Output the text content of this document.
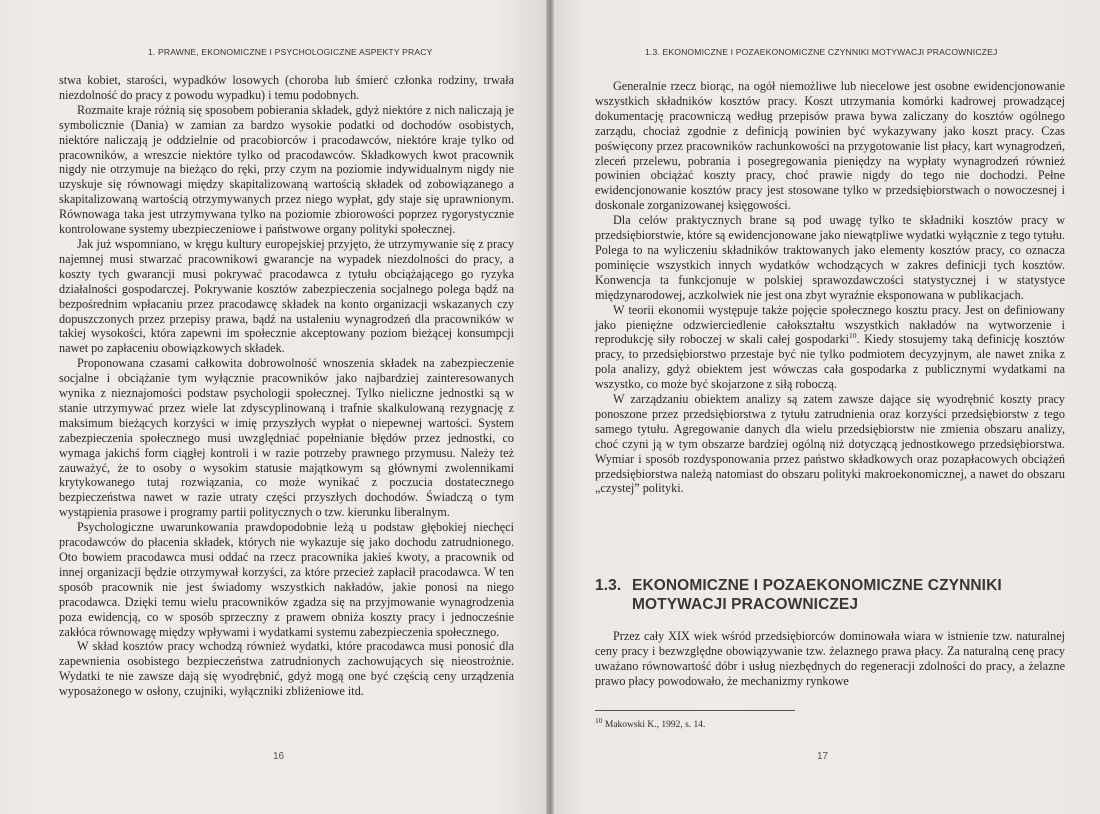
1. PRAWNE, EKONOMICZNE I PSYCHOLOGICZNE ASPEKTY PRACY

stwa kobiet, starości, wypadków losowych (choroba lub śmierć członka rodziny, trwała niezdolność do pracy z powodu wypadku) i temu podobnych.

Rozmaite kraje różnią się sposobem pobierania składek, gdyż niektóre z nich naliczają je symbolicznie (Dania) w zamian za bardzo wysokie podatki od dochodów osobistych, niektóre naliczają je oddzielnie od pracobiorców i pracodawców, niektóre kraje tylko od pracowników, a wreszcie niektóre tylko od pracodawców. Składkowych kwot pracownik nigdy nie otrzymuje na bieżąco do ręki, przy czym na poziomie indywidualnym nigdy nie uzyskuje się równowagi między skapitalizowaną wartością składek od zobowiązanego a skapitalizowaną wartością otrzymywanych przez niego wypłat, gdy staje się uprawnionym. Równowaga taka jest utrzymywana tylko na poziomie zbiorowości poprzez rygorystycznie kontrolowane systemy ubezpieczeniowe i państwowe organy polityki społecznej.

Jak już wspomniano, w kręgu kultury europejskiej przyjęto, że utrzymywanie się z pracy najemnej musi stwarzać pracownikowi gwarancje na wypadek niezdolności do pracy, a koszty tych gwarancji musi pokrywać pracodawca z tytułu obciążającego go ryzyka działalności gospodarczej. Pokrywanie kosztów zabezpieczenia socjalnego polega bądź na bezpośrednim wpłacaniu przez pracodawcę składek na konto organizacji wskazanych czy dopuszczonych przez przepisy prawa, bądź na ustaleniu wynagrodzeń dla pracowników w takiej wysokości, która zapewni im społecznie akceptowany poziom bieżącej konsumpcji nawet po zapłaceniu obowiązkowych składek.

Proponowana czasami całkowita dobrowolność wnoszenia składek na zabezpieczenie socjalne i obciążanie tym wyłącznie pracowników jako najbardziej zainteresowanych wynika z nieznajomości podstaw psychologii społecznej. Tylko nieliczne jednostki są w stanie utrzymywać przez wiele lat zdyscyplinowaną i trafnie skalkulowaną rezygnację z maksimum bieżących korzyści w imię przyszłych wypłat o niepewnej wartości. System zabezpieczenia społecznego musi uwzględniać popełnianie błędów przez jednostki, co wymaga jakichś form ciągłej kontroli i w razie potrzeby prawnego przymusu. Należy też zauważyć, że to osoby o wysokim statusie majątkowym są głównymi zwolennikami krytykowanego tutaj rozwiązania, co może wynikać z poczucia dostatecznego bezpieczeństwa nawet w razie utraty części przyszłych dochodów. Świadczą o tym wystąpienia prasowe i programy partii politycznych o tzw. kierunku liberalnym.

Psychologiczne uwarunkowania prawdopodobnie leżą u podstaw głębokiej niechęci pracodawców do płacenia składek, których nie wykazuje się jako dochodu zatrudnionego. Oto bowiem pracodawca musi oddać na rzecz pracownika jakieś kwoty, a pracownik od innej organizacji będzie otrzymywał korzyści, za które przecież zapłacił pracodawca. W ten sposób pracownik nie jest świadomy wszystkich nakładów, jakie ponosi na niego pracodawca. Dzięki temu wielu pracowników zgadza się na przyjmowanie wynagrodzenia poza ewidencją, co w sposób sprzeczny z prawem obniża koszty pracy i jednocześnie zakłóca równowagę między wpływami i wydatkami systemu zabezpieczenia społecznego.

W skład kosztów pracy wchodzą również wydatki, które pracodawca musi ponosić dla zapewnienia osobistego bezpieczeństwa zatrudnionych zachowujących się nieostrożnie. Wydatki te nie zawsze dają się wyodrębnić, gdyż mogą one być częścią ceny urządzenia wyposażonego w osłony, czujniki, wyłączniki zbliżeniowe itd.

16
1.3. EKONOMICZNE I POZAEKONOMICZNE CZYNNIKI MOTYWACJI PRACOWNICZEJ

Generalnie rzecz biorąc, na ogół niemożliwe lub niecelowe jest osobne ewidencjonowanie wszystkich składników kosztów pracy. Koszt utrzymania komórki kadrowej prowadzącej dokumentację pracowniczą według przepisów prawa bywa zaliczany do kosztów ogólnego zarządu, chociaż zgodnie z definicją powinien być wykazywany jako koszt pracy. Czas poświęcony przez pracowników rachunkowości na przygotowanie list płacy, kart wynagrodzeń, zleceń przelewu, pobrania i posegregowania pieniędzy na wypłaty wynagrodzeń również powinien obciążać koszty pracy, choć prawie nigdy do tego nie dochodzi. Pełne ewidencjonowanie kosztów pracy jest stosowane tylko w przedsiębiorstwach o nowoczesnej i doskonale zorganizowanej księgowości.

Dla celów praktycznych brane są pod uwagę tylko te składniki kosztów pracy w przedsiębiorstwie, które są ewidencjonowane jako niewątpliwe wydatki wyłącznie z tego tytułu. Polega to na wyliczeniu składników traktowanych jako elementy kosztów pracy, co oznacza pominięcie wszystkich innych wydatków wchodzących w zakres definicji tych kosztów. Konwencja ta funkcjonuje w polskiej sprawozdawczości statystycznej i w statystyce międzynarodowej, aczkolwiek nie jest ona zbyt wyraźnie eksponowana w publikacjach.

W teorii ekonomii występuje także pojęcie społecznego kosztu pracy. Jest on definiowany jako pieniężne odzwierciedlenie całokształtu wszystkich nakładów na wytworzenie i reprodukcję siły roboczej w skali całej gospodarki$^{10}$. Kiedy stosujemy taką definicję kosztów pracy, to przedsiębiorstwo przestaje być nie tylko podmiotem decyzyjnym, ale nawet znika z pola analizy, gdyż obiektem jest wówczas cała gospodarka z publicznymi wydatkami na wszystko, co może być skojarzone z siłą roboczą.

W zarządzaniu obiektem analizy są zatem zawsze dające się wyodrębnić koszty pracy ponoszone przez przedsiębiorstwa z tytułu zatrudnienia oraz korzyści przedsiębiorstw z tego samego tytułu. Agregowanie danych dla wielu przedsiębiorstw nie zmienia obszaru analizy, choć czyni ją w tym obszarze bardziej ogólną niż dotyczącą jednostkowego przedsiębiorstwa. Wymiar i sposób rozdysponowania przez państwo składkowych oraz pozapłacowych obciążeń przedsiębiorstwa należą natomiast do obszaru polityki makroekonomicznej, a nawet do obszaru „czystej” polityki.

1.3. EKONOMICZNE I POZAEKONOMICZNE CZYNNIKI MOTYWACJI PRACOWNICZEJ

Przez cały XIX wiek wśród przedsiębiorców dominowała wiara w istnienie tzw. naturalnej ceny pracy i bezwzględne obowiązywanie tzw. żelaznego prawa płacy. Za naturalną cenę pracy uważano równowartość dóbr i usług niezbędnych do regeneracji zdolności do pracy, a żelazne prawo płacy powodowało, że mechanizmy rynkowe

$^{10}$ Makowski K., 1992, s. 14.
17
